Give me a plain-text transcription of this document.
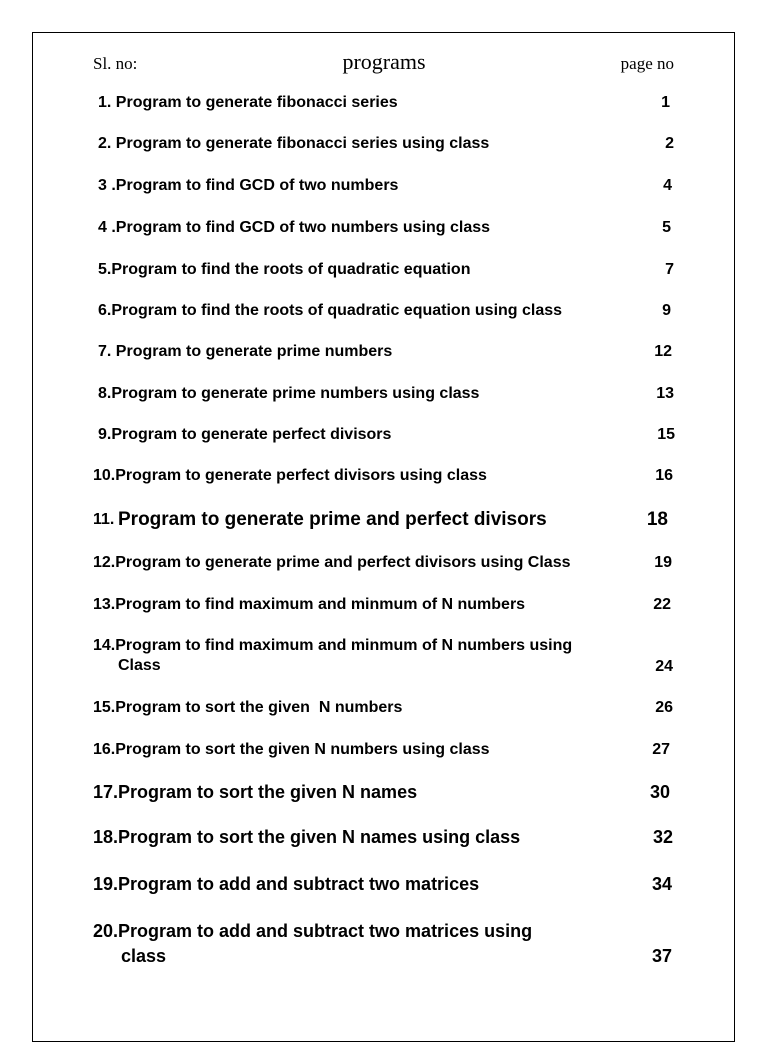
Sl. no:	programs	page no
1. Program to generate fibonacci series	1
2. Program to generate fibonacci series using class	2
3 .Program to find GCD of two numbers	4
4 .Program to find GCD of two numbers using class	5
5.Program to find the roots of quadratic equation	7
6.Program to find the roots of quadratic equation using class	9
7. Program to generate prime numbers	12
8.Program to generate prime numbers using class	13
9.Program to generate perfect divisors	15
10.Program to generate perfect divisors using class	16
11. Program to generate prime and perfect divisors	18
12.Program to generate prime and perfect divisors using Class	19
13.Program to find maximum and minmum of N numbers	22
14.Program to find maximum and minmum of N numbers using
Class	24
15.Program to sort the given  N numbers	26
16.Program to sort the given N numbers using class	27
17.Program to sort the given N names	30
18.Program to sort the given N names using class	32
19.Program to add and subtract two matrices	34
20.Program to add and subtract two matrices using
class	37
